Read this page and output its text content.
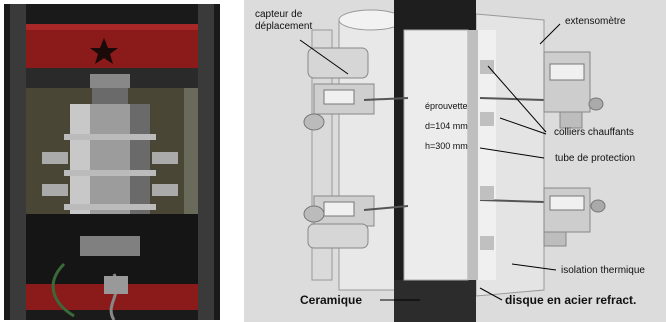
capteur de
déplacement	extensomètre
colliers chauffants
tube de protection
isolation thermique
Ceramique	disque en acier refract.

éprouvette

d=104 mm

h=300 mm
